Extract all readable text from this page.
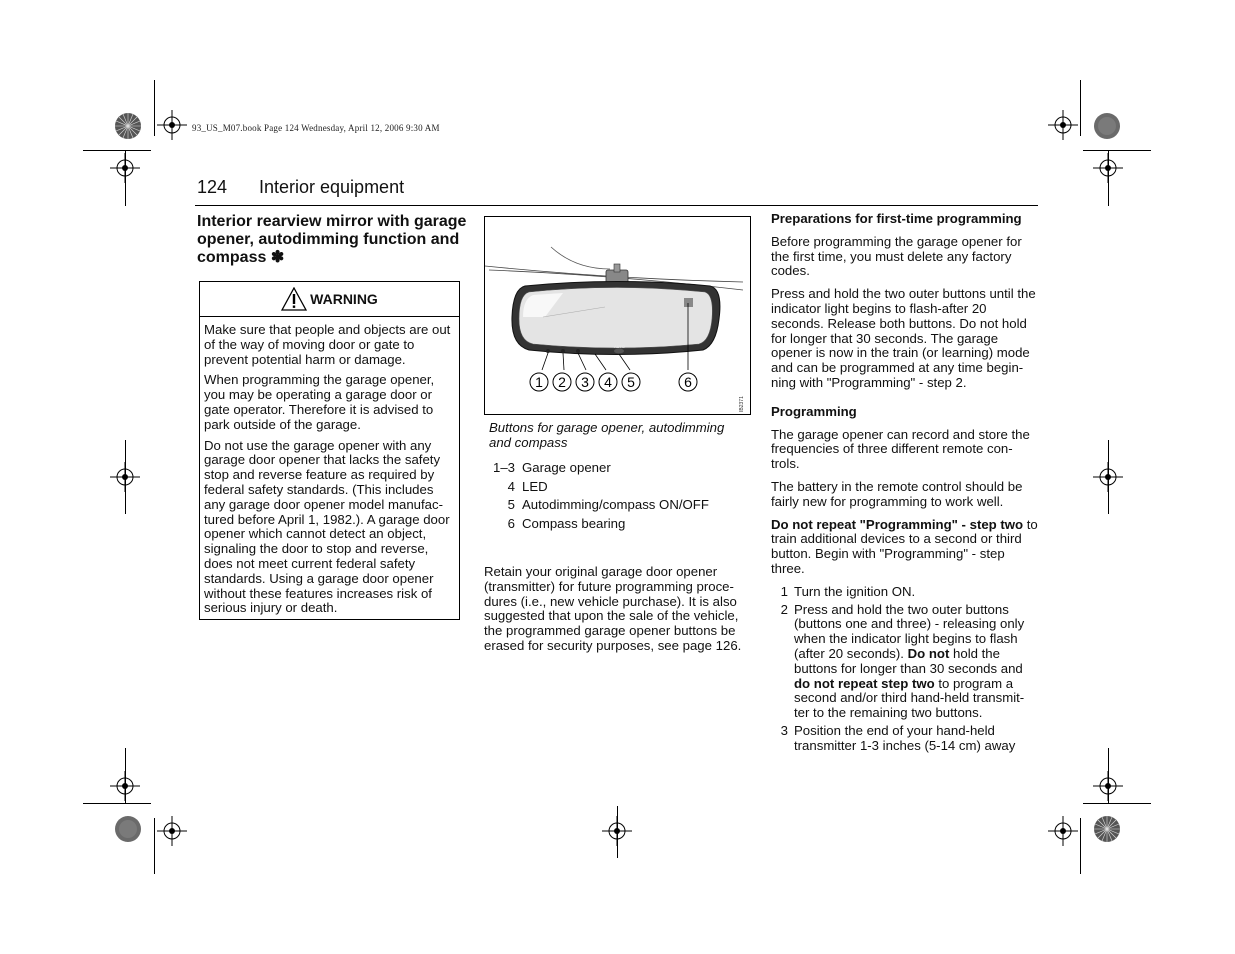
93_US_M07.book Page 124 Wednesday, April 12, 2006 9:30 AM
124 Interior equipment
Interior rearview mirror with garage opener, autodimming function and compass ✽
WARNING

Make sure that people and objects are out of the way of moving door or gate to prevent potential harm or damage.

When programming the garage opener, you may be operating a garage door or gate operator. Therefore it is advised to park outside of the garage.

Do not use the garage opener with any garage door opener that lacks the safety stop and reverse feature as required by federal safety standards. (This includes any garage door opener model manufac-tured before April 1, 1982.). A garage door opener which cannot detect an object, signaling the door to stop and reverse, does not meet current federal safety standards. Using a garage door opener without these features increases risk of serious injury or death.

AUTO
1 2 3 4 5	6
IB2371
Buttons for garage opener, autodimming and compass
1–3 Garage opener
4 LED
5 Autodimming/compass ON/OFF
6 Compass bearing
Retain your original garage door opener (transmitter) for future programming proce-dures (i.e., new vehicle purchase). It is also suggested that upon the sale of the vehicle, the programmed garage opener buttons be erased for security purposes, see page 126.
Preparations for first-time programming

Before programming the garage opener for the first time, you must delete any factory codes.

Press and hold the two outer buttons until the indicator light begins to flash-after 20 seconds. Release both buttons. Do not hold for longer that 30 seconds. The garage opener is now in the train (or learning) mode and can be programmed at any time begin-ning with "Programming" - step 2.

Programming

The garage opener can record and store the frequencies of three different remote con-trols.

The battery in the remote control should be fairly new for programming to work well.

Do not repeat "Programming" - step two to train additional devices to a second or third button. Begin with "Programming" - step three.

1 Turn the ignition ON.
2 Press and hold the two outer buttons (buttons one and three) - releasing only when the indicator light begins to flash (after 20 seconds). Do not hold the buttons for longer than 30 seconds and do not repeat step two to program a second and/or third hand-held transmit-ter to the remaining two buttons.
3 Position the end of your hand-held transmitter 1-3 inches (5-14 cm) away
